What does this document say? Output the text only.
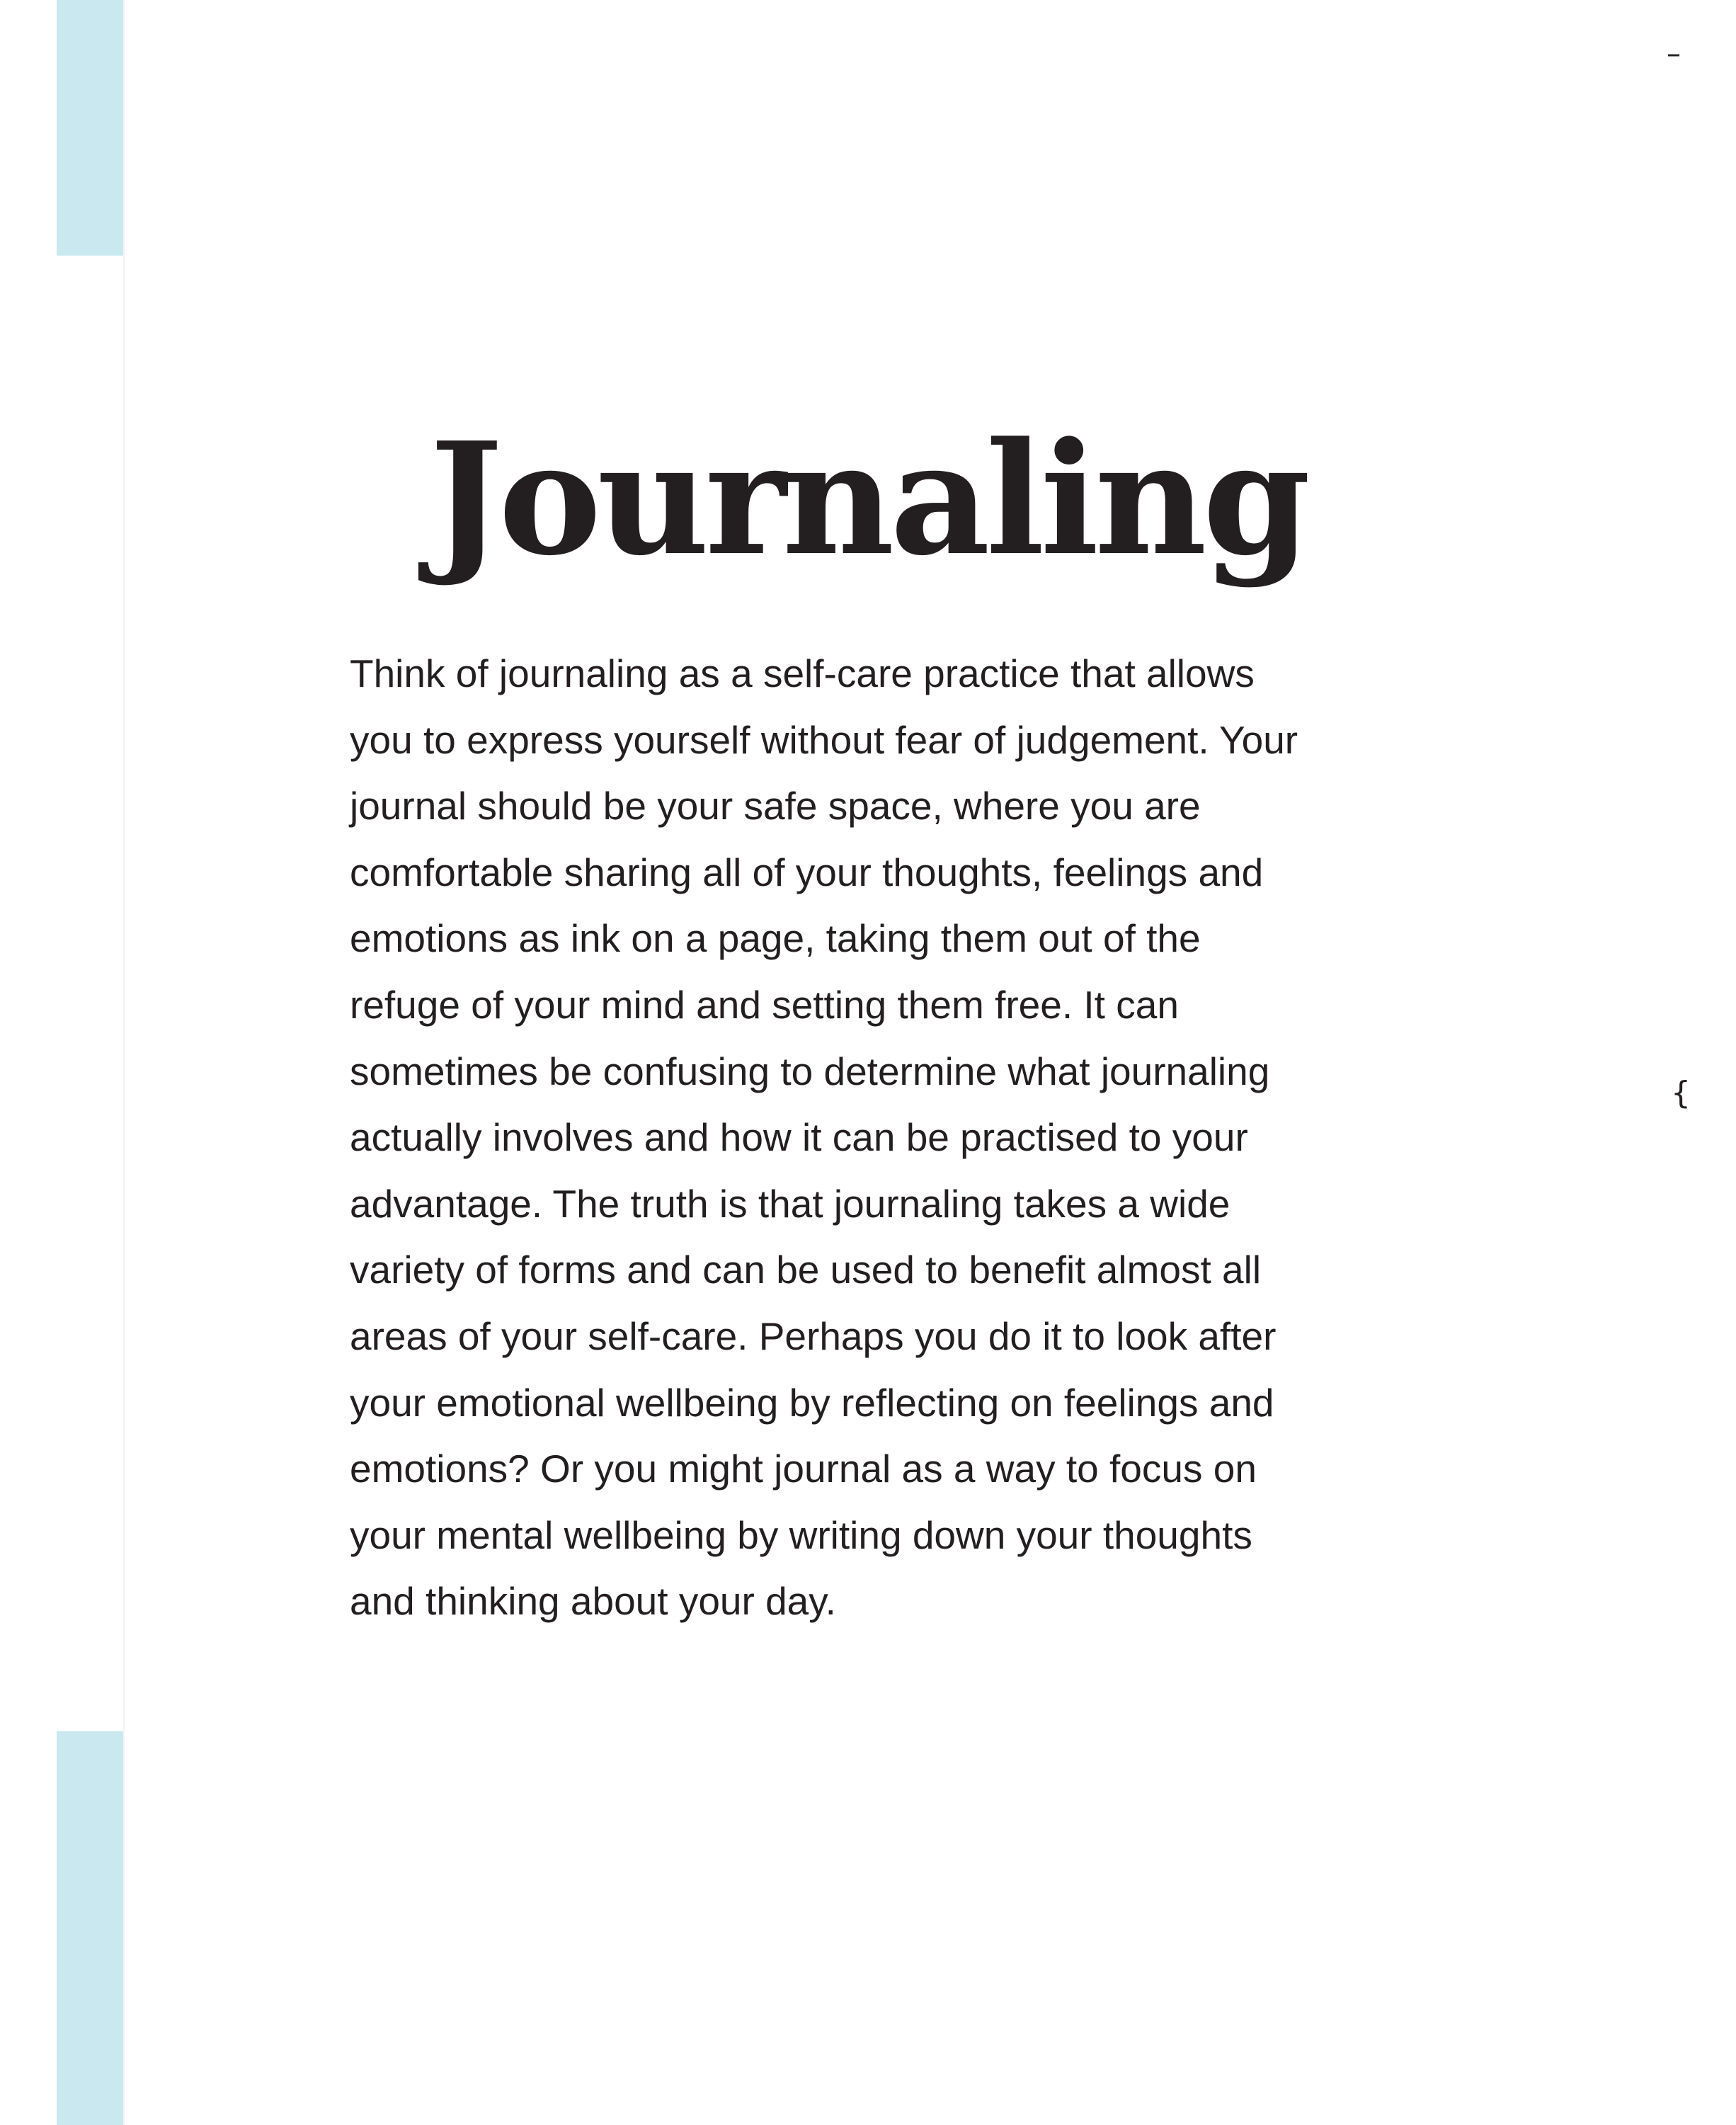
Journaling

Think of journaling as a self-care practice that allows
you to express yourself without fear of judgement. Your
journal should be your safe space, where you are
comfortable sharing all of your thoughts, feelings and
emotions as ink on a page, taking them out of the
refuge of your mind and setting them free. It can
sometimes be confusing to determine what journaling
actually involves and how it can be practised to your
advantage. The truth is that journaling takes a wide
variety of forms and can be used to benefit almost all
areas of your self-care. Perhaps you do it to look after
your emotional wellbeing by reflecting on feelings and
emotions? Or you might journal as a way to focus on
your mental wellbeing by writing down your thoughts
and thinking about your day.

–
{
